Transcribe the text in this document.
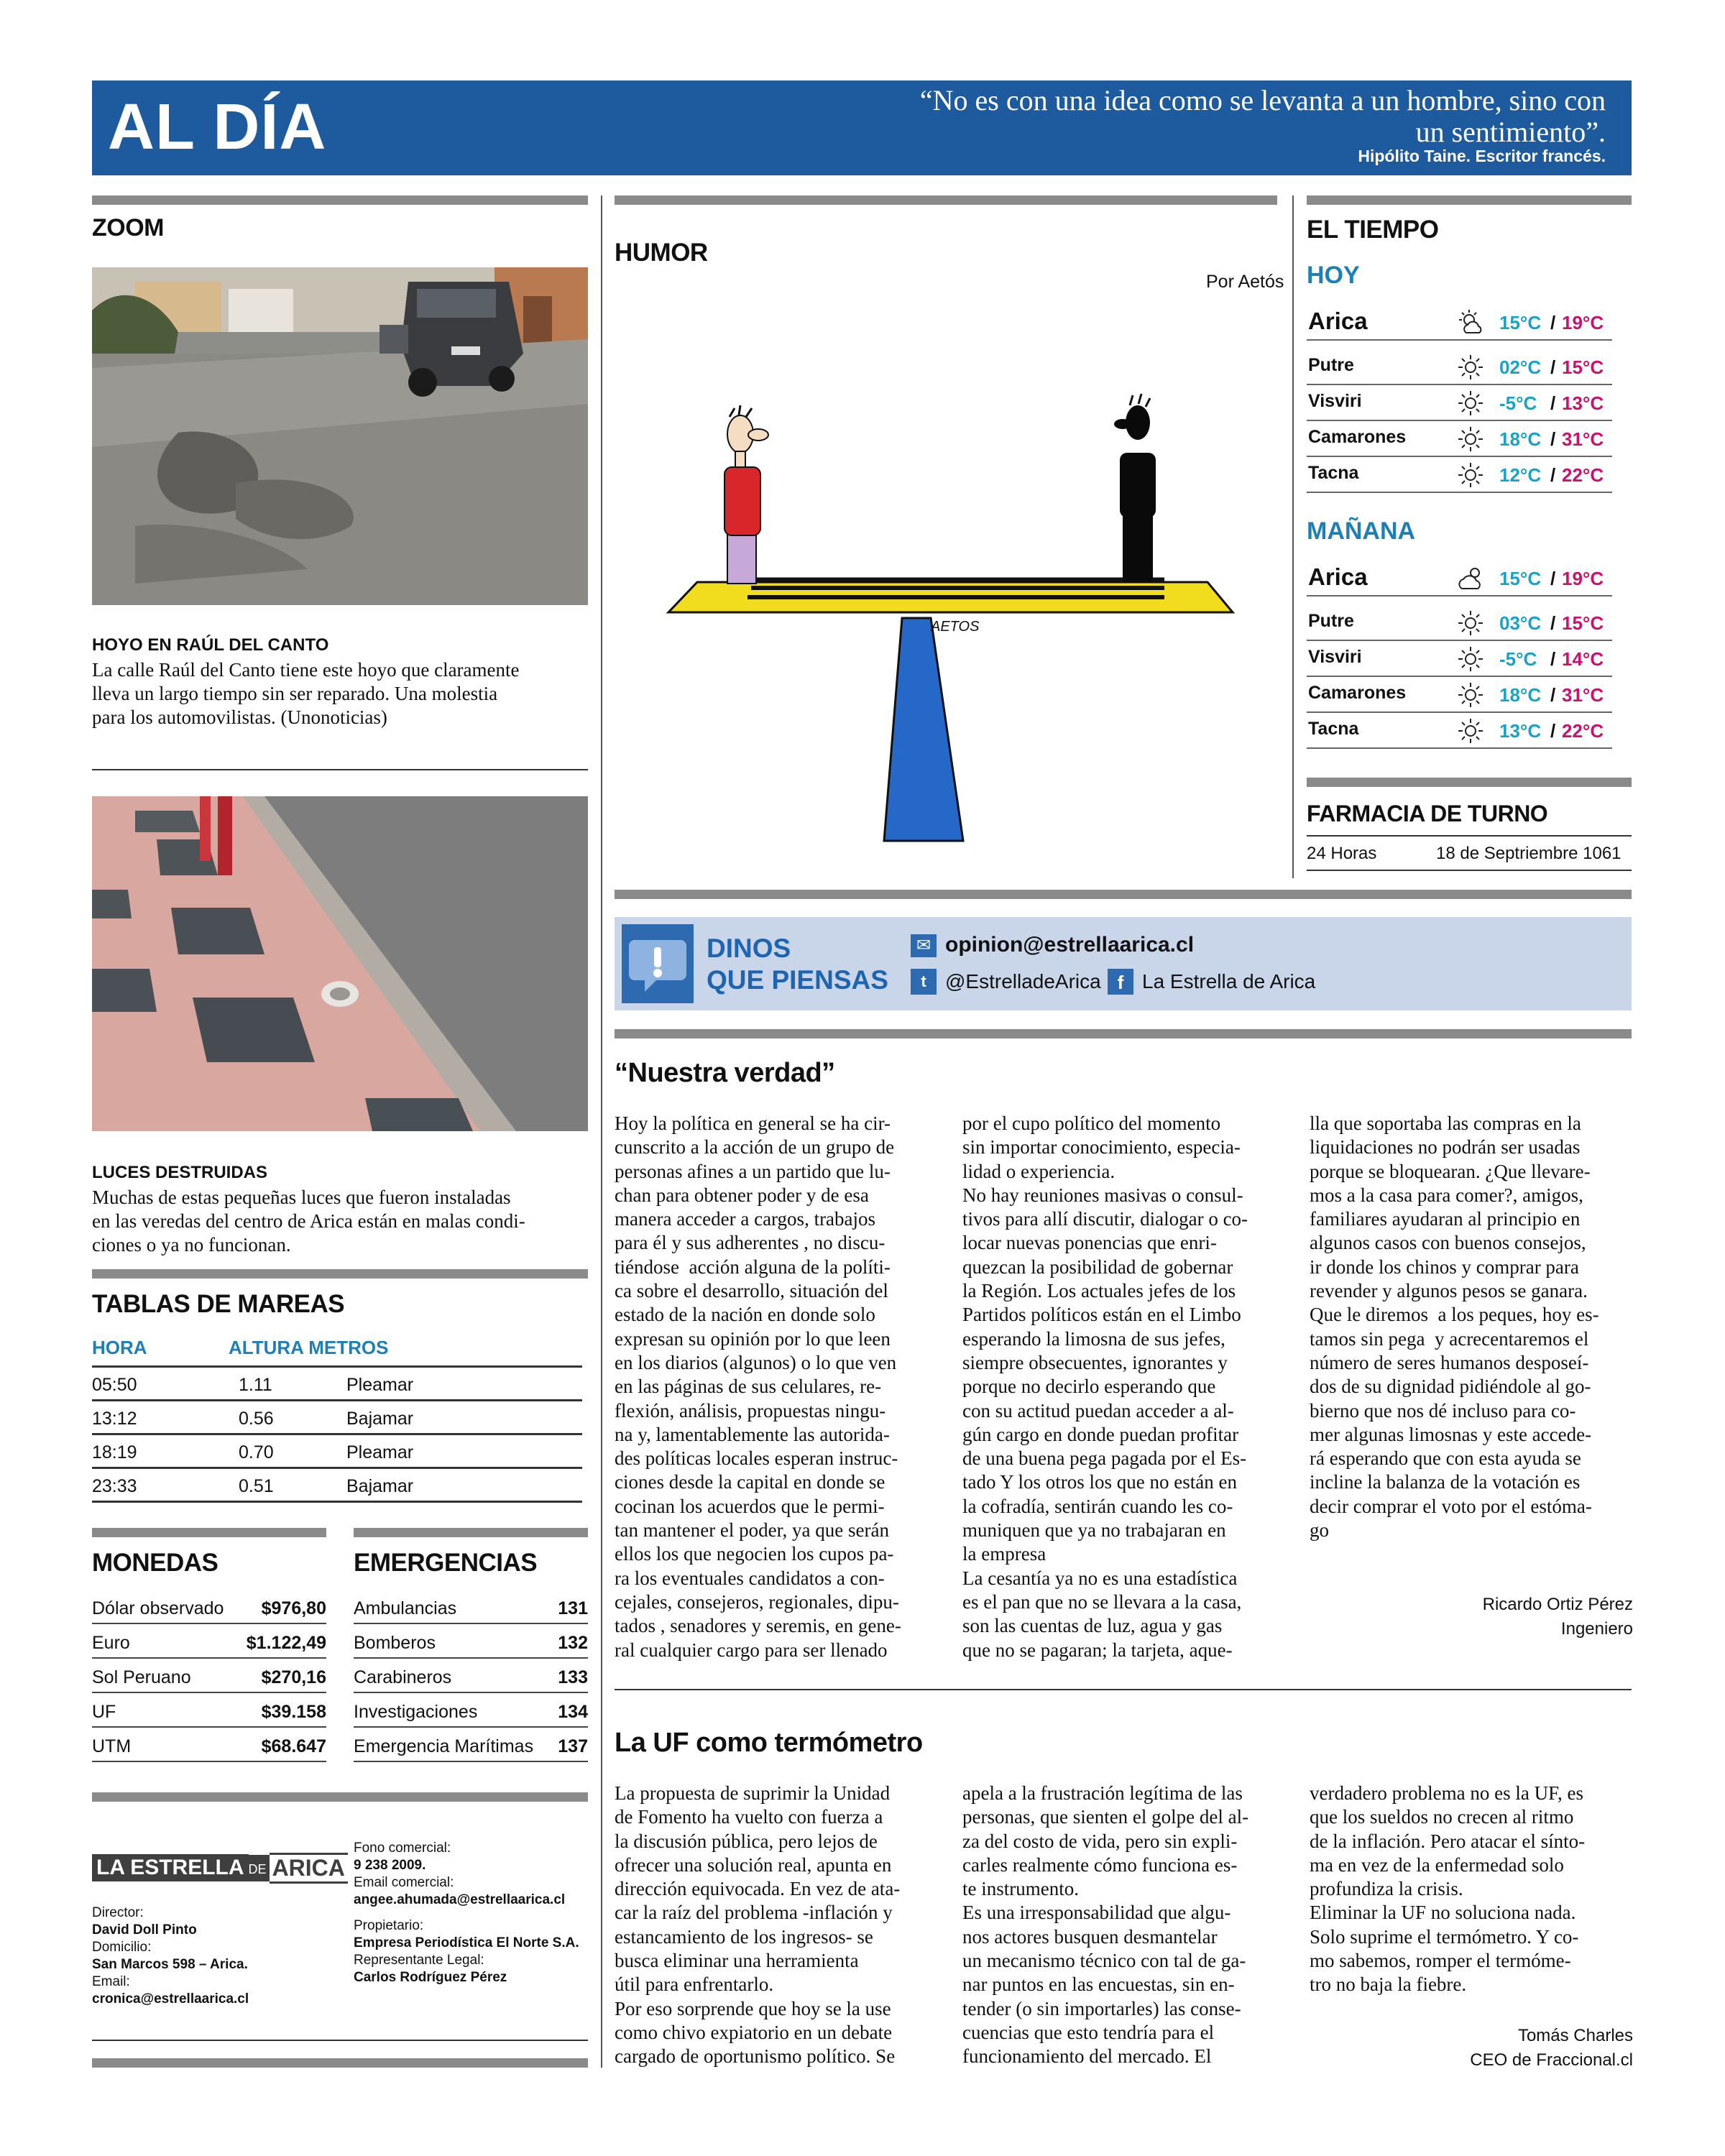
AL DÍA	“No es con una idea como se levanta a un hombre, sino con
un sentimiento”.
Hipólito Taine. Escritor francés.
ZOOM
HOYO EN RAÚL DEL CANTO
La calle Raúl del Canto tiene este hoyo que claramente
lleva un largo tiempo sin ser reparado. Una molestia
para los automovilistas. (Unonoticias)
LUCES DESTRUIDAS
Muchas de estas pequeñas luces que fueron instaladas
en las veredas del centro de Arica están en malas condi-
ciones o ya no funcionan.
TABLAS DE MAREAS
HORA	ALTURA METROS
05:50	1.11	Pleamar
13:12	0.56	Bajamar
18:19	0.70	Pleamar
23:33	0.51	Bajamar
MONEDAS
Dólar observado $976,80
Euro	$1.122,49
Sol Peruano	$270,16
UF	$39.158
UTM	$68.647
EMERGENCIAS
Ambulancias	131
Bomberos	132
Carabineros	133
Investigaciones	134
Emergencia Marítimas 137
LA ESTRELLA DE ARICA
Director:
David Doll Pinto
Domicilio:
San Marcos 598 – Arica.
Email:
cronica@estrellaarica.cl
Fono comercial:
9 238 2009.
Email comercial:
angee.ahumada@estrellaarica.cl
Propietario:
Empresa Periodística El Norte S.A.
Representante Legal:
Carlos Rodríguez Pérez
HUMOR
Por Aetós
AETOS
EL TIEMPO
HOY
Arica	15°C / 19°C
Putre	02°C / 15°C
Visviri	-5°C / 13°C
Camarones	18°C / 31°C
Tacna	12°C / 22°C
MAÑANA
Arica	15°C / 19°C
Putre	03°C / 15°C
Visviri	-5°C / 14°C
Camarones	18°C / 31°C
Tacna	13°C / 22°C
FARMACIA DE TURNO
24 Horas	18 de Septriembre 1061
DINOS
QUE PIENSAS
✉ opinion@estrellaarica.cl
t @EstrelladeArica f La Estrella de Arica
“Nuestra verdad”
Hoy la política en general se ha cir-
cunscrito a la acción de un grupo de
personas afines a un partido que lu-
chan para obtener poder y de esa
manera acceder a cargos, trabajos
para él y sus adherentes , no discu-
tiéndose  acción alguna de la políti-
ca sobre el desarrollo, situación del
estado de la nación en donde solo
expresan su opinión por lo que leen
en los diarios (algunos) o lo que ven
en las páginas de sus celulares, re-
flexión, análisis, propuestas ningu-
na y, lamentablemente las autorida-
des políticas locales esperan instruc-
ciones desde la capital en donde se
cocinan los acuerdos que le permi-
tan mantener el poder, ya que serán
ellos los que negocien los cupos pa-
ra los eventuales candidatos a con-
cejales, consejeros, regionales, dipu-
tados , senadores y seremis, en gene-
ral cualquier cargo para ser llenado
por el cupo político del momento
sin importar conocimiento, especia-
lidad o experiencia.
No hay reuniones masivas o consul-
tivos para allí discutir, dialogar o co-
locar nuevas ponencias que enri-
quezcan la posibilidad de gobernar
la Región. Los actuales jefes de los
Partidos políticos están en el Limbo
esperando la limosna de sus jefes,
siempre obsecuentes, ignorantes y
porque no decirlo esperando que
con su actitud puedan acceder a al-
gún cargo en donde puedan profitar
de una buena pega pagada por el Es-
tado Y los otros los que no están en
la cofradía, sentirán cuando les co-
muniquen que ya no trabajaran en
la empresa
La cesantía ya no es una estadística
es el pan que no se llevara a la casa,
son las cuentas de luz, agua y gas
que no se pagaran; la tarjeta, aque-
lla que soportaba las compras en la
liquidaciones no podrán ser usadas
porque se bloquearan. ¿Que llevare-
mos a la casa para comer?, amigos,
familiares ayudaran al principio en
algunos casos con buenos consejos,
ir donde los chinos y comprar para
revender y algunos pesos se ganara.
Que le diremos  a los peques, hoy es-
tamos sin pega  y acrecentaremos el
número de seres humanos desposeí-
dos de su dignidad pidiéndole al go-
bierno que nos dé incluso para co-
mer algunas limosnas y este accede-
rá esperando que con esta ayuda se
incline la balanza de la votación es
decir comprar el voto por el estóma-
go
Ricardo Ortiz Pérez
Ingeniero
La UF como termómetro
La propuesta de suprimir la Unidad
de Fomento ha vuelto con fuerza a
la discusión pública, pero lejos de
ofrecer una solución real, apunta en
dirección equivocada. En vez de ata-
car la raíz del problema -inflación y
estancamiento de los ingresos- se
busca eliminar una herramienta
útil para enfrentarlo.
Por eso sorprende que hoy se la use
como chivo expiatorio en un debate
cargado de oportunismo político. Se
apela a la frustración legítima de las
personas, que sienten el golpe del al-
za del costo de vida, pero sin expli-
carles realmente cómo funciona es-
te instrumento.
Es una irresponsabilidad que algu-
nos actores busquen desmantelar
un mecanismo técnico con tal de ga-
nar puntos en las encuestas, sin en-
tender (o sin importarles) las conse-
cuencias que esto tendría para el
funcionamiento del mercado. El
verdadero problema no es la UF, es
que los sueldos no crecen al ritmo
de la inflación. Pero atacar el sínto-
ma en vez de la enfermedad solo
profundiza la crisis.
Eliminar la UF no soluciona nada.
Solo suprime el termómetro. Y co-
mo sabemos, romper el termóme-
tro no baja la fiebre.
Tomás Charles
CEO de Fraccional.cl
